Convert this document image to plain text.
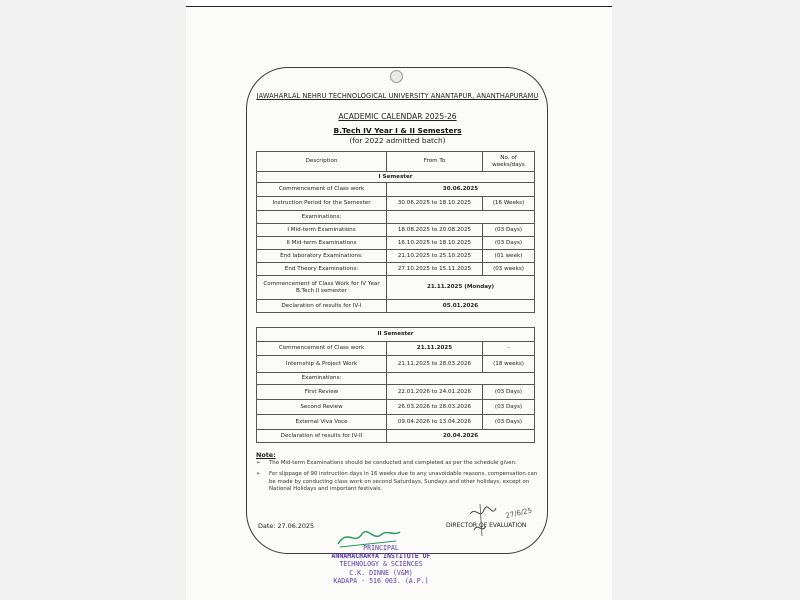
JAWAHARLAL NEHRU TECHNOLOGICAL UNIVERSITY ANANTAPUR, ANANTHAPURAMU
ACADEMIC CALENDAR 2025-26
B.Tech IV Year I & II Semesters
(for 2022 admitted batch)
Description	From To	No. of weeks/days
I Semester		
Commencement of Class work	30.06.2025	
Instruction Period for the Semester	30.06.2025 to 18.10.2025	(16 Weeks)
Examinations:		
I Mid-term Examinations	18.08.2025 to 20.08.2025	(03 Days)
II Mid-term Examinations	16.10.2025 to 18.10.2025	(03 Days)
End laboratory Examinations:	21.10.2025 to 25.10.2025	(01 week)
End Theory Examinations:	27.10.2025 to 15.11.2025	(03 weeks)
Commencement of Class Work for IV Year B.Tech II semester	21.11.2025 (Monday)	
Declaration of results for IV-I	05.01.2026	
II Semester		
Commencement of Class work	21.11.2025	-
Internship & Project Work	21.11.2025 to 28.03.2026	(18 weeks)
Examinations:		
First Review	22.01.2026 to 24.01.2026	(03 Days)
Second Review	26.03.2026 to 28.03.2026	(03 Days)
External Viva Voce	09.04.2026 to 13.04.2026	(03 Days)
Declaration of results for IV-II	20.04.2026	
Note:
➢ The Mid-term Examinations should be conducted and completed as per the schedule given.
➢ For slippage of 90 instruction days in 16 weeks due to any unavoidable reasons, compensation can be made by conducting class work on second Saturdays, Sundays and other holidays, except on National Holidays and important festivals.
Date: 27.06.2025
27/6/25
DIRECTOR OF EVALUATION
PRINCIPAL
ANNAMACHARYA INSTITUTE OF
TECHNOLOGY & SCIENCES
C.K. DINNE (V&M)
KADAPA - 516 003. (A.P.)
